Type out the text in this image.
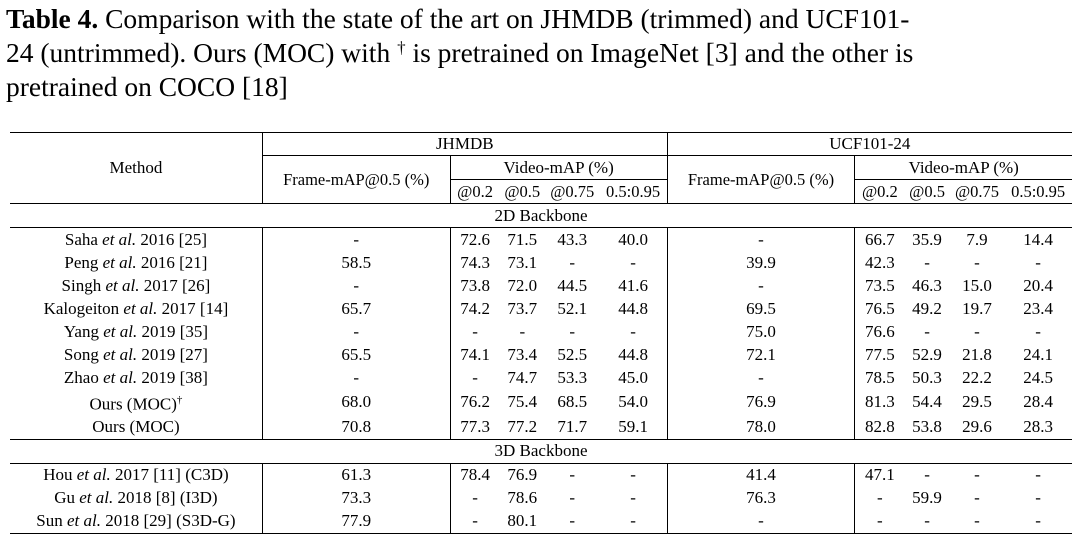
Table 4. Comparison with the state of the art on JHMDB (trimmed) and UCF101-
24 (untrimmed). Ours (MOC) with † is pretrained on ImageNet [3] and the other is
pretrained on COCO [18]
Method	JHMDB					UCF101-24				
	Frame-mAP@0.5 (%)	Video-mAP (%)				Frame-mAP@0.5 (%)	Video-mAP (%)			
		@0.2	@0.5	@0.75	0.5:0.95		@0.2	@0.5	@0.75	0.5:0.95
2D Backbone										
Saha et al. 2016 [25]	-	72.6	71.5	43.3	40.0	-	66.7	35.9	7.9	14.4
Peng et al. 2016 [21]	58.5	74.3	73.1	-	-	39.9	42.3	-	-	-
Singh et al. 2017 [26]	-	73.8	72.0	44.5	41.6	-	73.5	46.3	15.0	20.4
Kalogeiton et al. 2017 [14]	65.7	74.2	73.7	52.1	44.8	69.5	76.5	49.2	19.7	23.4
Yang et al. 2019 [35]	-	-	-	-	-	75.0	76.6	-	-	-
Song et al. 2019 [27]	65.5	74.1	73.4	52.5	44.8	72.1	77.5	52.9	21.8	24.1
Zhao et al. 2019 [38]	-	-	74.7	53.3	45.0	-	78.5	50.3	22.2	24.5
Ours (MOC)†	68.0	76.2	75.4	68.5	54.0	76.9	81.3	54.4	29.5	28.4
Ours (MOC)	70.8	77.3	77.2	71.7	59.1	78.0	82.8	53.8	29.6	28.3
3D Backbone										
Hou et al. 2017 [11] (C3D)	61.3	78.4	76.9	-	-	41.4	47.1	-	-	-
Gu et al. 2018 [8] (I3D)	73.3	-	78.6	-	-	76.3	-	59.9	-	-
Sun et al. 2018 [29] (S3D-G)	77.9	-	80.1	-	-	-	-	-	-	-
